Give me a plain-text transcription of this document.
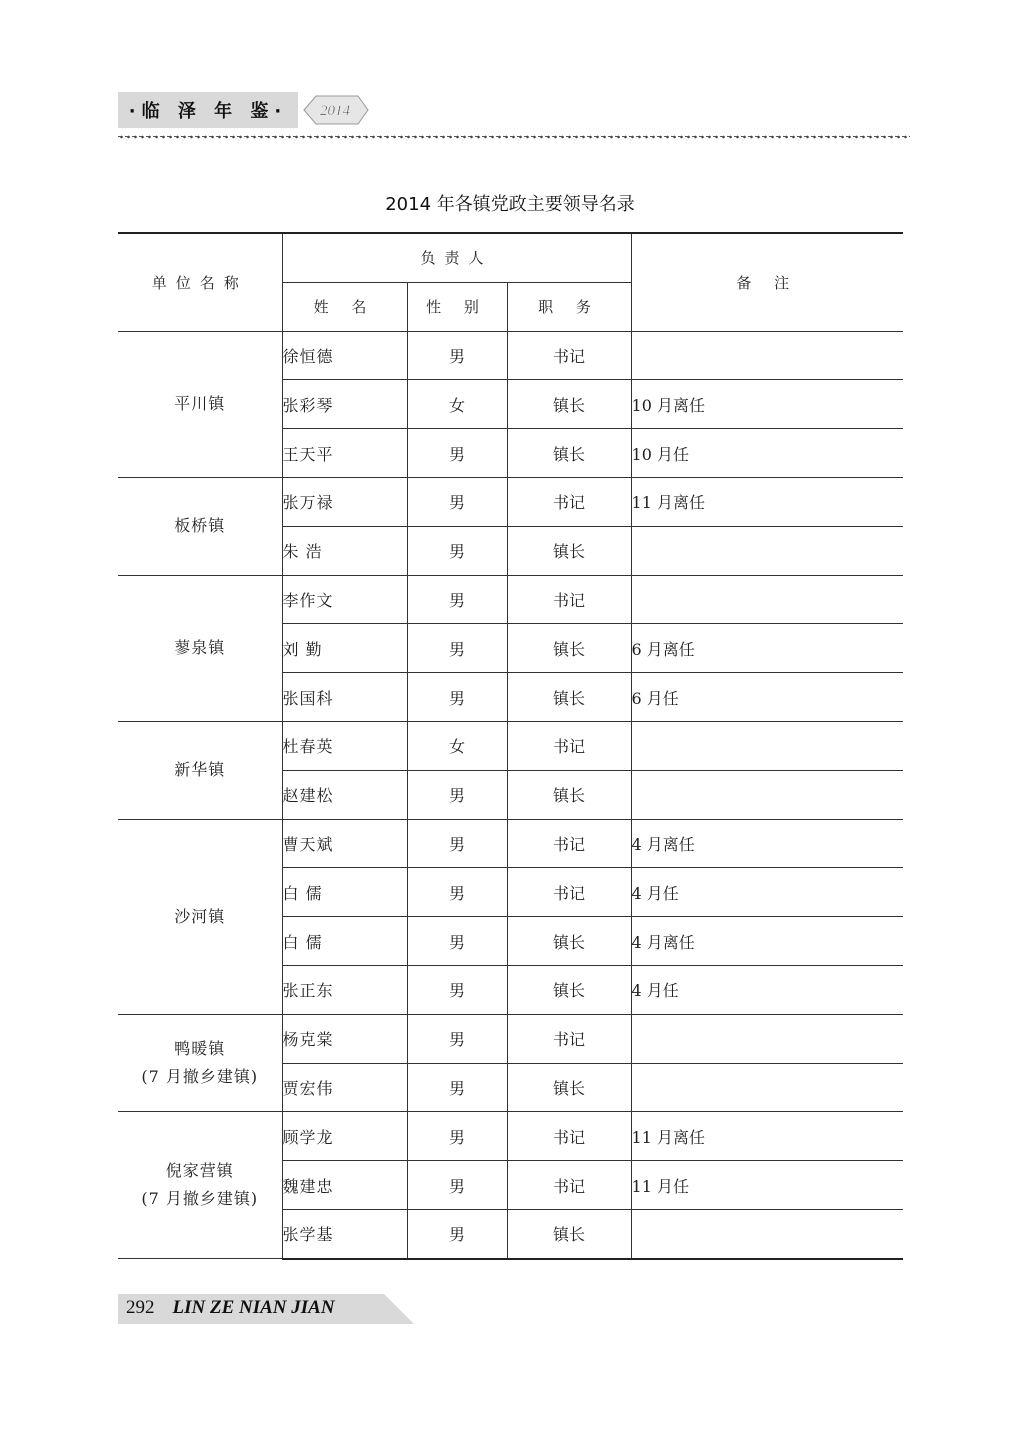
·临 泽 年 鉴·	2014
2014 年各镇党政主要领导名录
单位名称	负责人			备 注
	姓 名	性 别	职 务	
平川镇	徐恒德	男	书记	
	张彩琴	女	镇长	10 月离任
	王天平	男	镇长	10 月任
板桥镇	张万禄	男	书记	11 月离任
	朱 浩	男	镇长	
蓼泉镇	李作文	男	书记	
	刘 勤	男	镇长	6 月离任
	张国科	男	镇长	6 月任
新华镇	杜春英	女	书记	
	赵建松	男	镇长	
沙河镇	曹天斌	男	书记	4 月离任
	白 儒	男	书记	4 月任
	白 儒	男	镇长	4 月离任
	张正东	男	镇长	4 月任
鸭暖镇
(7 月撤乡建镇)	杨克棠	男	书记	
	贾宏伟	男	镇长	
倪家营镇
(7 月撤乡建镇)	顾学龙	男	书记	11 月离任
	魏建忠	男	书记	11 月任
	张学基	男	镇长	
292 LIN ZE NIAN JIAN
